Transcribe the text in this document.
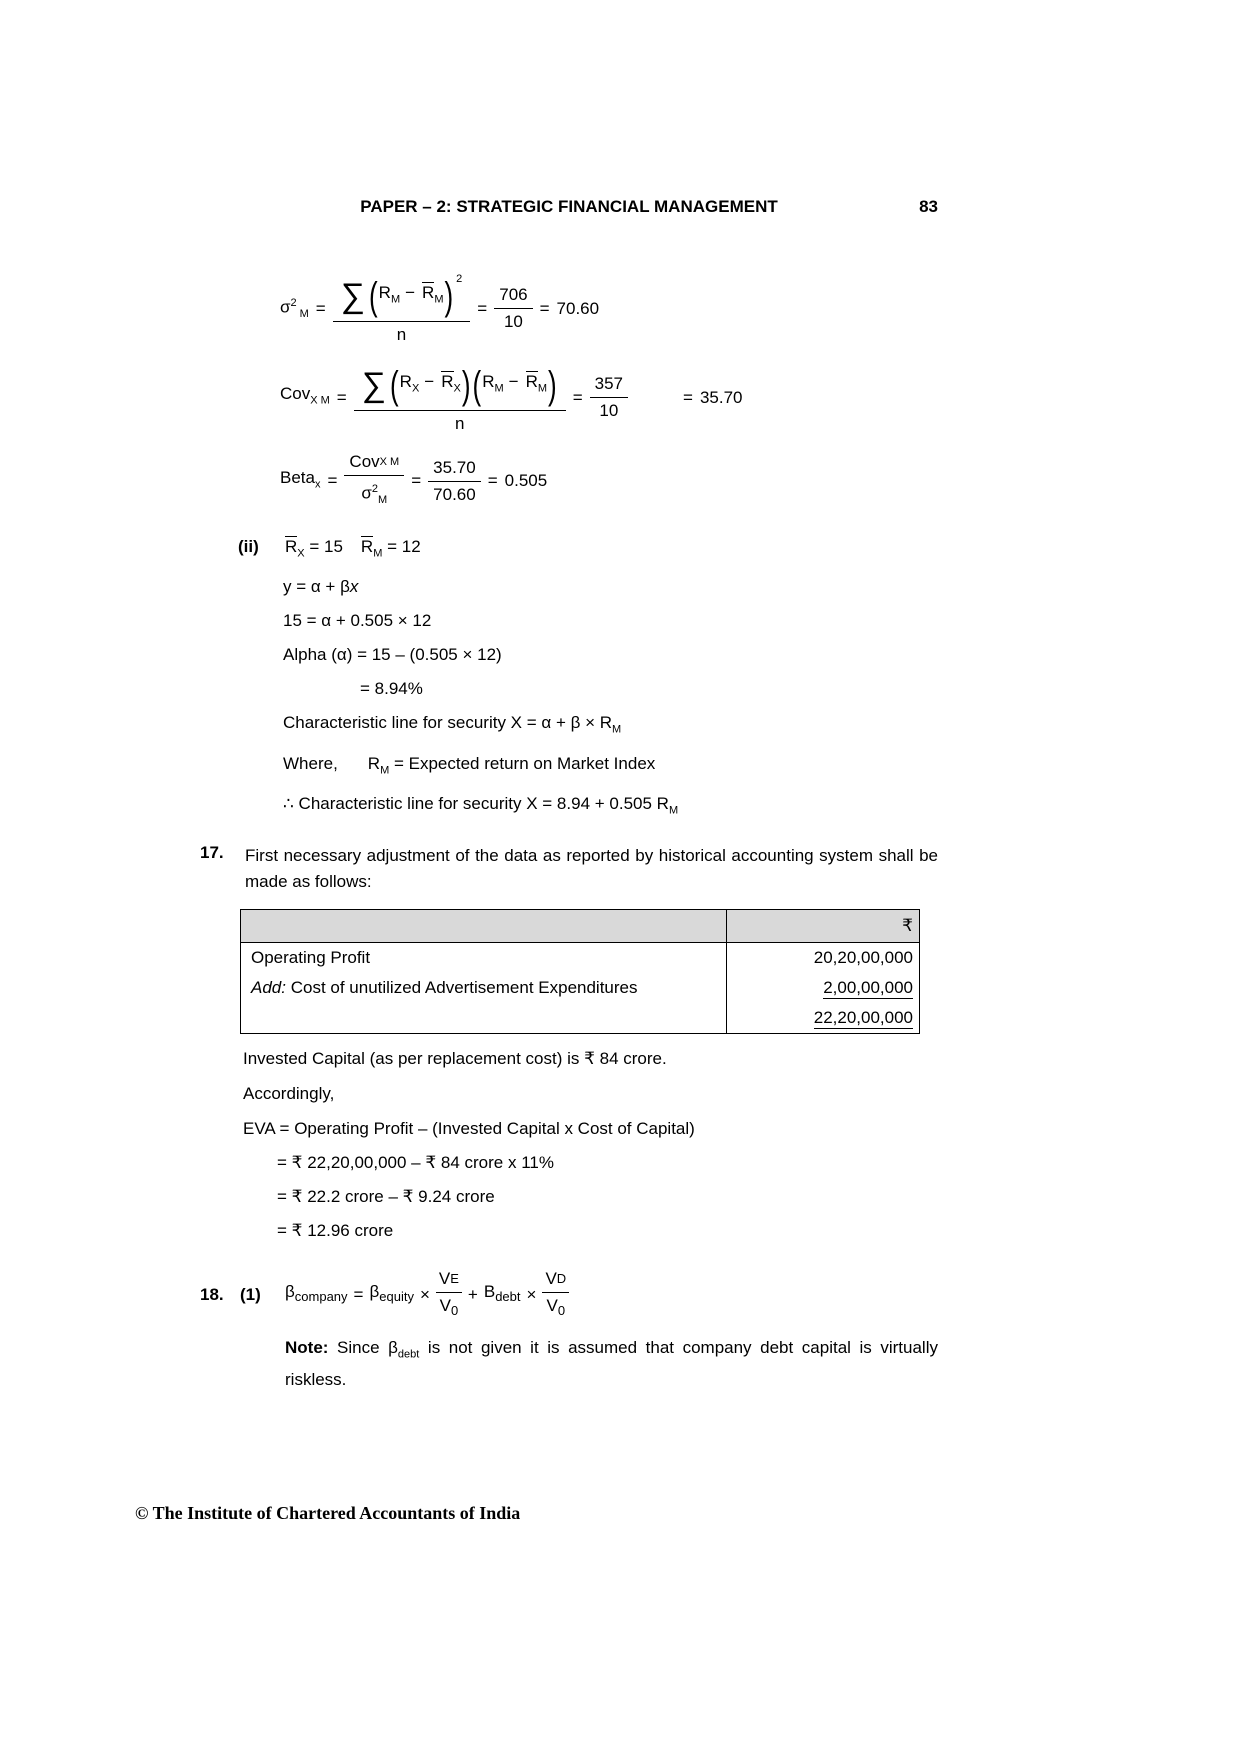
PAPER – 2: STRATEGIC FINANCIAL MANAGEMENT	83
$\sigma^2_M = \frac{\sum ( R_M - R_M ) 2}{n} = \frac{706}{10} = 70.60$
Cov$_{X M}$ = ∑ ( $R_X - R_X$ ) ( $R_M - R_M$ )
n
= $\frac{357}{10}$	= 35.70
Beta$_x$ = $\frac{\text{Cov X M}}{\sigma^2_M} = \frac{35.70}{70.60} = 0.505$
(ii)	$R_X = 15$ $R_M = 12$
y = α + βx
15 = α + 0.505 × 12
Alpha (α) = 15 – (0.505 × 12)
= 8.94%
Characteristic line for security $X = \alpha + \beta \times R_M$
Where, $R_M$ = Expected return on Market Index
∴ Characteristic line for security X = 8.94 + 0.505 $R_M$
17.	First necessary adjustment of the data as reported by historical accounting system shall be made as follows:
	₹
Operating Profit	20,20,00,000
Add: Cost of unutilized Advertisement Expenditures	2,00,00,000
	22,20,00,000
Invested Capital (as per replacement cost) is ₹ 84 crore.
Accordingly,
EVA = Operating Profit – (Invested Capital x Cost of Capital)
= ₹ 22,20,00,000 – ₹ 84 crore x 11%
= ₹ 22.2 crore – ₹ 9.24 crore
= ₹ 12.96 crore
18. (1)	$\beta_{company} = \beta_{equity} \times \frac{\text{V E}}{V_0} + B_{debt} \times \frac{\text{V D}}{V_0}$
Note: Since $\beta_{debt}$ is not given it is assumed that company debt capital is virtually riskless.
© The Institute of Chartered Accountants of India
